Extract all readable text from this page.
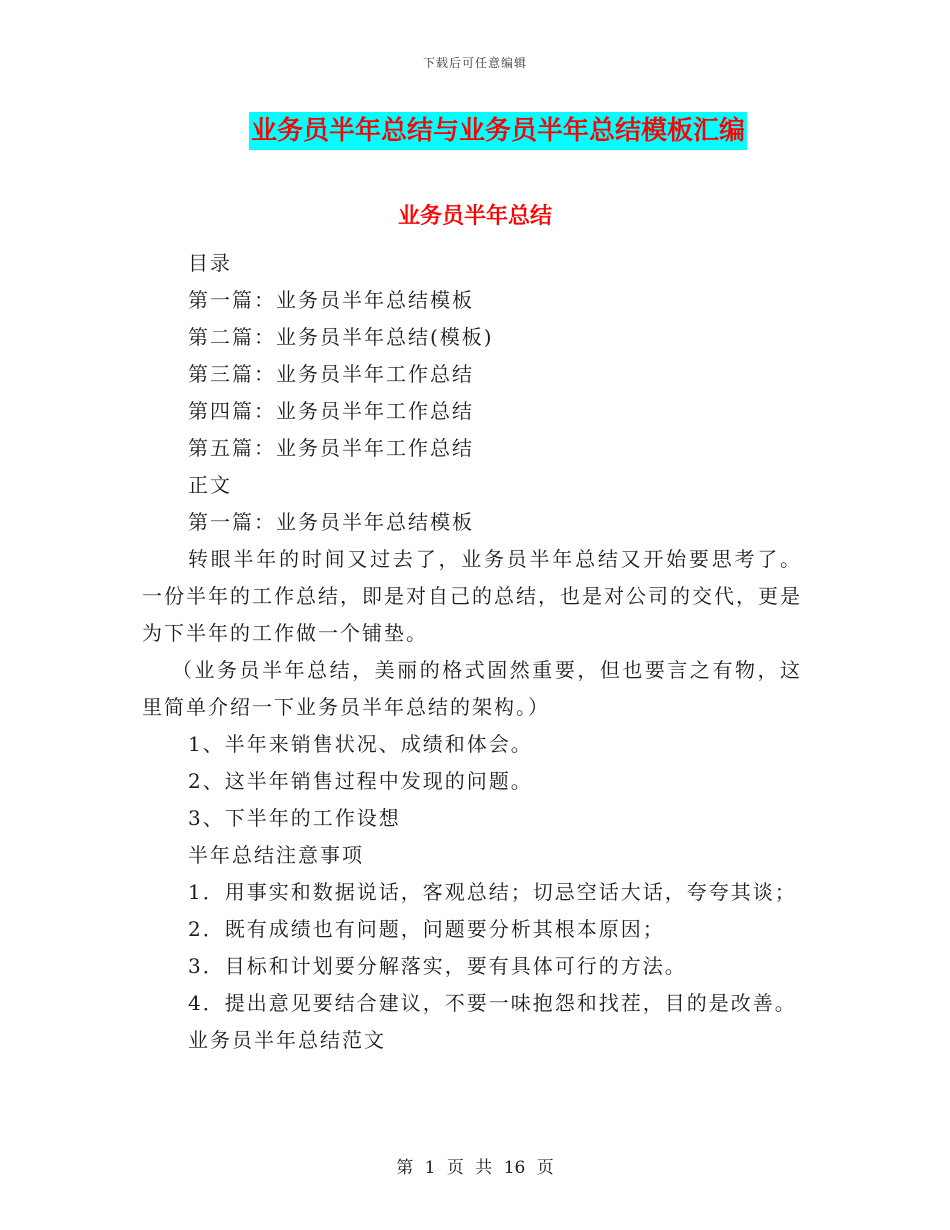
下载后可任意编辑
业务员半年总结与业务员半年总结模板汇编
业务员半年总结

目录

第一篇：业务员半年总结模板

第二篇：业务员半年总结(模板)

第三篇：业务员半年工作总结

第四篇：业务员半年工作总结

第五篇：业务员半年工作总结

正文

第一篇：业务员半年总结模板

转眼半年的时间又过去了，业务员半年总结又开始要思考了。一份半年的工作总结，即是对自己的总结，也是对公司的交代，更是为下半年的工作做一个铺垫。

（业务员半年总结，美丽的格式固然重要，但也要言之有物，这里简单介绍一下业务员半年总结的架构。）

1、半年来销售状况、成绩和体会。

2、这半年销售过程中发现的问题。

3、下半年的工作设想

半年总结注意事项

1．用事实和数据说话，客观总结；切忌空话大话，夸夸其谈；

2．既有成绩也有问题，问题要分析其根本原因；

3．目标和计划要分解落实，要有具体可行的方法。

4．提出意见要结合建议，不要一味抱怨和找茬，目的是改善。

业务员半年总结范文

第 1 页 共 16 页
